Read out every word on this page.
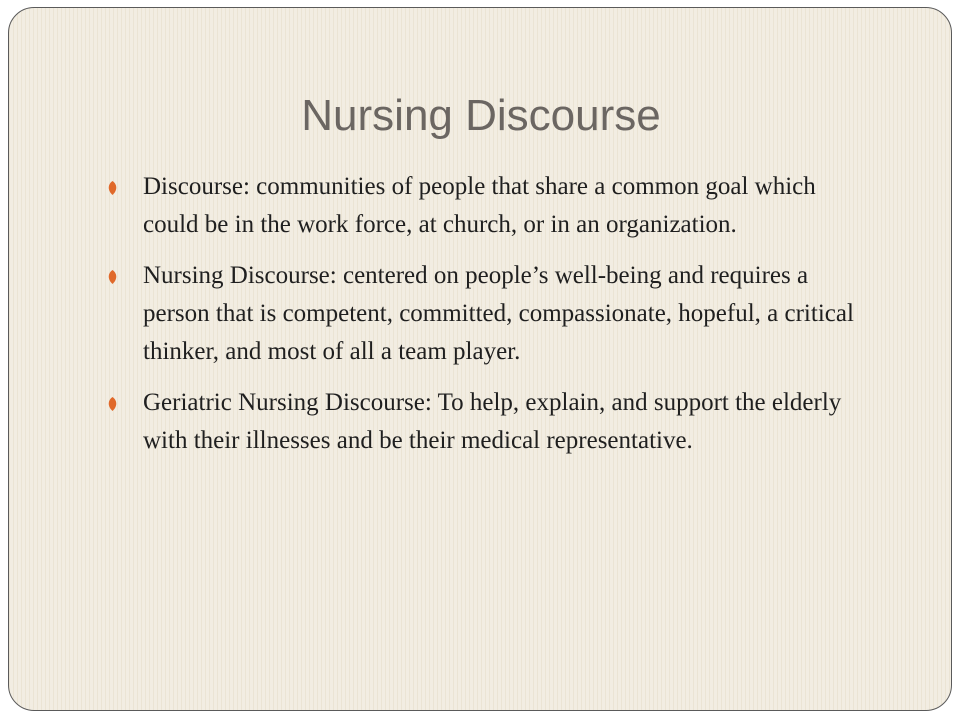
Nursing Discourse
Discourse: communities of people that share a common goal which could be in the work force, at church, or in an organization.
Nursing Discourse: centered on people’s well-being and requires a person that is competent, committed, compassionate, hopeful, a critical thinker, and most of all a team player.
Geriatric Nursing Discourse: To help, explain, and support the elderly with their illnesses and be their medical representative.
